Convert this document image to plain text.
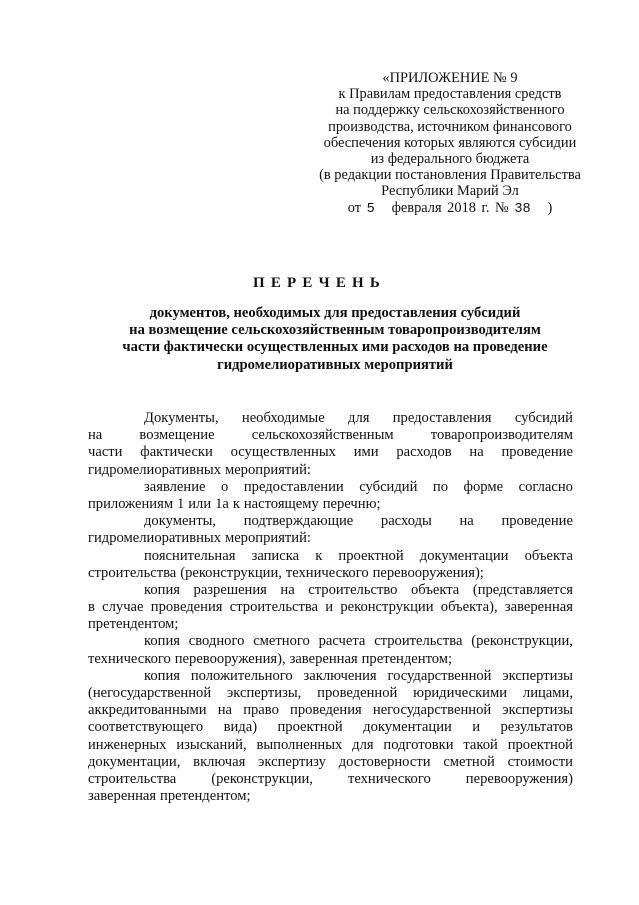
«ПРИЛОЖЕНИЕ № 9
к Правилам предоставления средств
на поддержку сельскохозяйственного
производства, источником финансового
обеспечения которых являются субсидии
из федерального бюджета
(в редакции постановления Правительства
Республики Марий Эл
от 5 февраля 2018 г. № 38 )
ПЕРЕЧЕНЬ
документов, необходимых для предоставления субсидий
на возмещение сельскохозяйственным товаропроизводителям
части фактически осуществленных ими расходов на проведение
гидромелиоративных мероприятий
Документы, необходимые для предоставления субсидий
на	возмещение	сельскохозяйственным	товаропроизводителям
части фактически осуществленных ими расходов на проведение
гидромелиоративных мероприятий:
заявление о предоставлении субсидий по форме согласно
приложениям 1 или 1а к настоящему перечню;
документы, подтверждающие расходы на проведение
гидромелиоративных мероприятий:
пояснительная записка к проектной документации объекта
строительства (реконструкции, технического перевооружения);
копия разрешения на строительство объекта (представляется
в случае проведения строительства и реконструкции объекта), заверенная
претендентом;
копия сводного сметного расчета строительства (реконструкции,
технического перевооружения), заверенная претендентом;
копия положительного заключения государственной экспертизы
(негосударственной экспертизы, проведенной юридическими лицами,
аккредитованными на право проведения негосударственной экспертизы
соответствующего вида) проектной документации и результатов
инженерных изысканий, выполненных для подготовки такой проектной
документации, включая экспертизу достоверности сметной стоимости
строительства (реконструкции, технического перевооружения)
заверенная претендентом;
